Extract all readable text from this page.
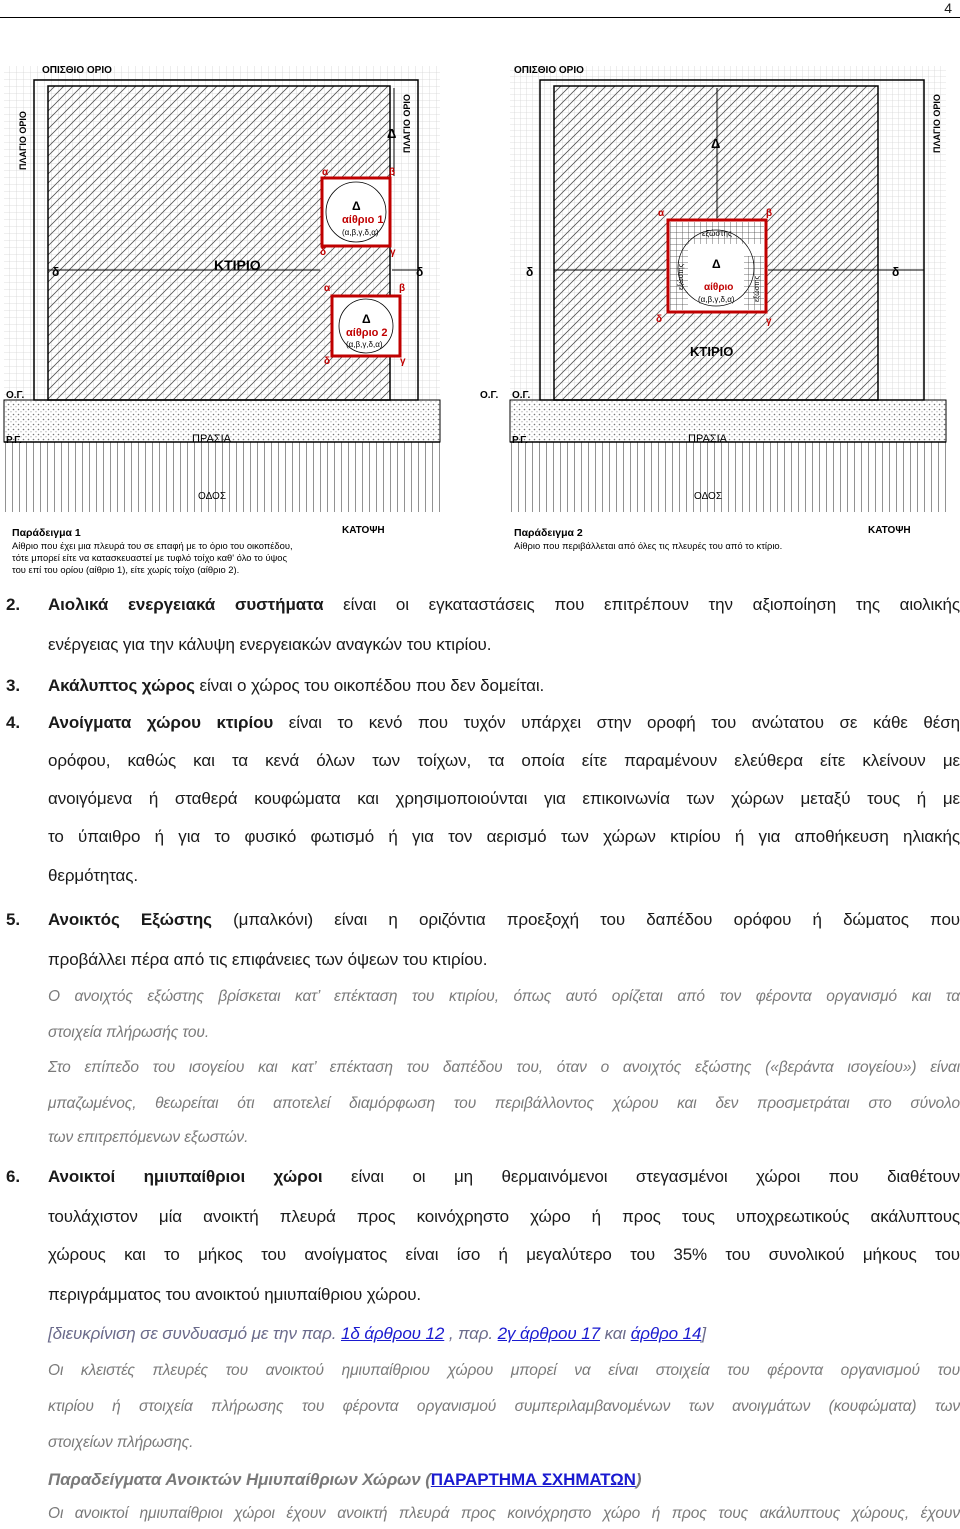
4
ΟΠΙΣΘΙΟ ΟΡΙΟ
ΠΛΑΓΙΟ ΟΡΙΟ	ΠΛΑΓΙΟ ΟΡΙΟ
Δ
δ	δ
ΚΤΙΡΙΟ
α	β
γ
δ
Δ
αίθριο 1
(α,β,γ,δ,α)
α	β
γ
δ
Δ
αίθριο 2
(α,β,γ,δ,α)
Ο.Γ.
Ρ.Γ.	ΠΡΑΣΙΑ
ΟΔΟΣ
Παράδειγμα 1	ΚΑΤΟΨΗ
Αίθριο που έχει μια πλευρά του σε επαφή με το όριο του οικοπέδου,
τότε μπορεί είτε να κατασκευαστεί με τυφλό τοίχο καθ' όλο το ύψος
του επί του ορίου (αίθριο 1), είτε χωρίς τοίχο (αίθριο 2).
ΟΠΙΣΘΙΟ ΟΡΙΟ
ΠΛΑΓΙΟ ΟΡΙΟ
Δ
δ	δ
ΚΤΙΡΙΟ
α	β
γ
δ
εξώστης
εξώστης	εξώστης
Δ
αίθριο
(α,β,γ,δ,α)
Ο.Γ. Ο.Γ.
Ρ.Γ.	ΠΡΑΣΙΑ
ΟΔΟΣ
Παράδειγμα 2	ΚΑΤΟΨΗ
Αίθριο που περιβάλλεται από όλες τις πλευρές του από το κτίριο.
2. Αιολικά ενεργειακά συστήματα είναι οι εγκαταστάσεις που επιτρέπουν την αξιοποίηση της αιολικής
ενέργειας για την κάλυψη ενεργειακών αναγκών του κτιρίου.
3. Ακάλυπτος χώρος είναι ο χώρος του οικοπέδου που δεν δομείται.
4. Ανοίγματα χώρου κτιρίου είναι το κενό που τυχόν υπάρχει στην οροφή του ανώτατου σε κάθε θέση
ορόφου, καθώς και τα κενά όλων των τοίχων, τα οποία είτε παραμένουν ελεύθερα είτε κλείνουν με
ανοιγόμενα ή σταθερά κουφώματα και χρησιμοποιούνται για επικοινωνία των χώρων μεταξύ τους ή με
το ύπαιθρο ή για το φυσικό φωτισμό ή για τον αερισμό των χώρων κτιρίου ή για αποθήκευση ηλιακής
θερμότητας.
5. Ανοικτός Εξώστης (μπαλκόνι) είναι η οριζόντια προεξοχή του δαπέδου ορόφου ή δώματος που
προβάλλει πέρα από τις επιφάνειες των όψεων του κτιρίου.
Ο ανοιχτός εξώστης βρίσκεται κατ’ επέκταση του κτιρίου, όπως αυτό ορίζεται από τον φέροντα οργανισμό και τα
στοιχεία πλήρωσής του.
Στο επίπεδο του ισογείου και κατ’ επέκταση του δαπέδου του, όταν ο ανοιχτός εξώστης («βεράντα ισογείου») είναι
μπαζωμένος, θεωρείται ότι αποτελεί διαμόρφωση του περιβάλλοντος χώρου και δεν προσμετράται στο σύνολο
των επιτρεπόμενων εξωστών.
6. Ανοικτοί ημιυπαίθριοι χώροι είναι οι μη θερμαινόμενοι στεγασμένοι χώροι που διαθέτουν
τουλάχιστον μία ανοικτή πλευρά προς κοινόχρηστο χώρο ή προς τους υποχρεωτικούς ακάλυπτους
χώρους και το μήκος του ανοίγματος είναι ίσο ή μεγαλύτερο του 35% του συνολικού μήκους του
περιγράμματος του ανοικτού ημιυπαίθριου χώρου.
[διευκρίνιση σε συνδυασμό με την παρ. 1δ άρθρου 12 , παρ. 2γ άρθρου 17 και άρθρο 14]
Οι κλειστές πλευρές του ανοικτού ημιυπαίθριου χώρου μπορεί να είναι στοιχεία του φέροντα οργανισμού του
κτιρίου ή στοιχεία πλήρωσης του φέροντα οργανισμού συμπεριλαμβανομένων των ανοιγμάτων (κουφώματα) των
στοιχείων πλήρωσης.
Παραδείγματα Ανοικτών Ημιυπαίθριων Χώρων (ΠΑΡΑΡΤΗΜΑ ΣΧΗΜΑΤΩΝ)
Οι ανοικτοί ημιυπαίθριοι χώροι έχουν ανοικτή πλευρά προς κοινόχρηστο χώρο ή προς τους ακάλυπτους χώρους, έχουν
